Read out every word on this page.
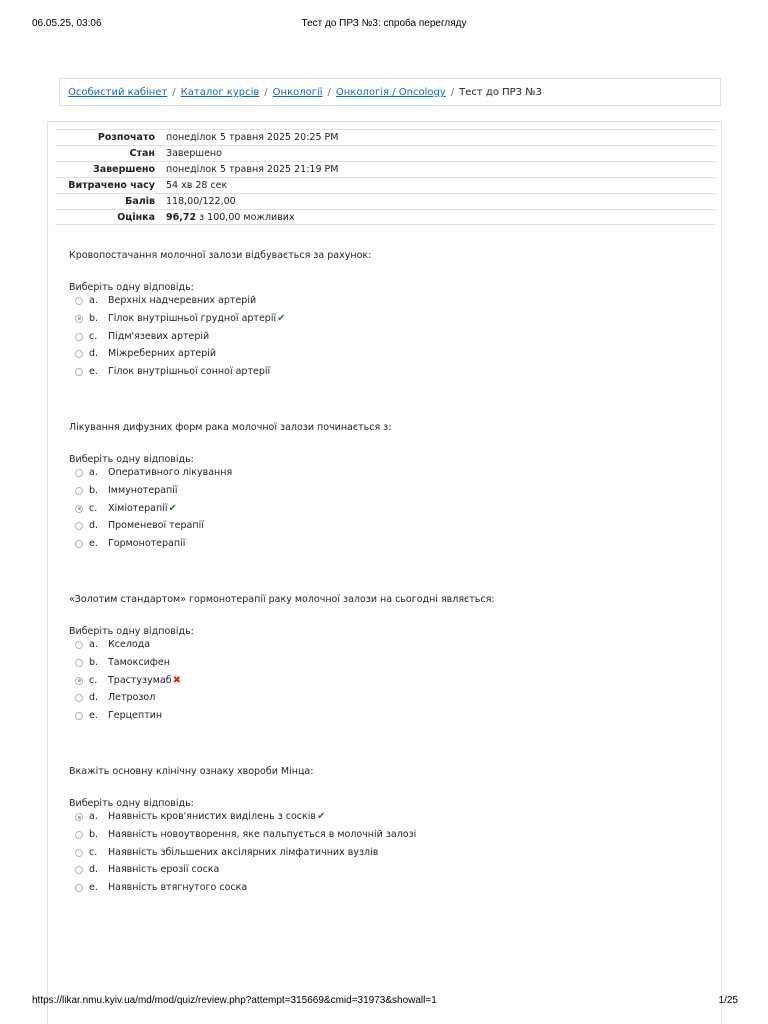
06.05.25, 03:06	Тест до ПРЗ №3: спроба перегляду
Особистий кабінет / Каталог курсів / Онкології / Онкологія / Oncology / Тест до ПРЗ №3
Розпочато понеділок 5 травня 2025 20:25 PM
Стан Завершено
Завершено понеділок 5 травня 2025 21:19 PM
Витрачено часу 54 хв 28 сек
Балів 118,00/122,00
Оцінка 96,72 з 100,00 можливих

Кровопостачання молочної залози відбувається за рахунок:

Виберіть одну відповідь:
a. Верхніх надчеревних артерій
b. Гілок внутрішньої грудної артерії✔
c. Підм'язевих артерій
d. Міжреберних артерій
e. Гілок внутрішньої сонної артерії

Лікування дифузних форм рака молочної залози починається з:

Виберіть одну відповідь:
a. Оперативного лікування
b. Іммунотерапії
c. Хіміотерапії✔
d. Променевої терапії
e. Гормонотерапії

«Золотим стандартом» гормонотерапії раку молочної залози на сьогодні являється:

Виберіть одну відповідь:
a. Кселода
b. Тамоксифен
c. Трастузумаб✖
d. Летрозол
e. Герцептин

Вкажіть основну клінічну ознаку хвороби Мінца:

Виберіть одну відповідь:
a. Наявність кров'янистих виділень з сосків✔
b. Наявність новоутворення, яке пальпується в молочній залозі
c. Наявність збільшених аксілярних лімфатичних вузлів
d. Наявність ерозії соска
e. Наявність втягнутого соска
https://likar.nmu.kyiv.ua/md/mod/quiz/review.php?attempt=315669&cmid=31973&showall=1	1/25
